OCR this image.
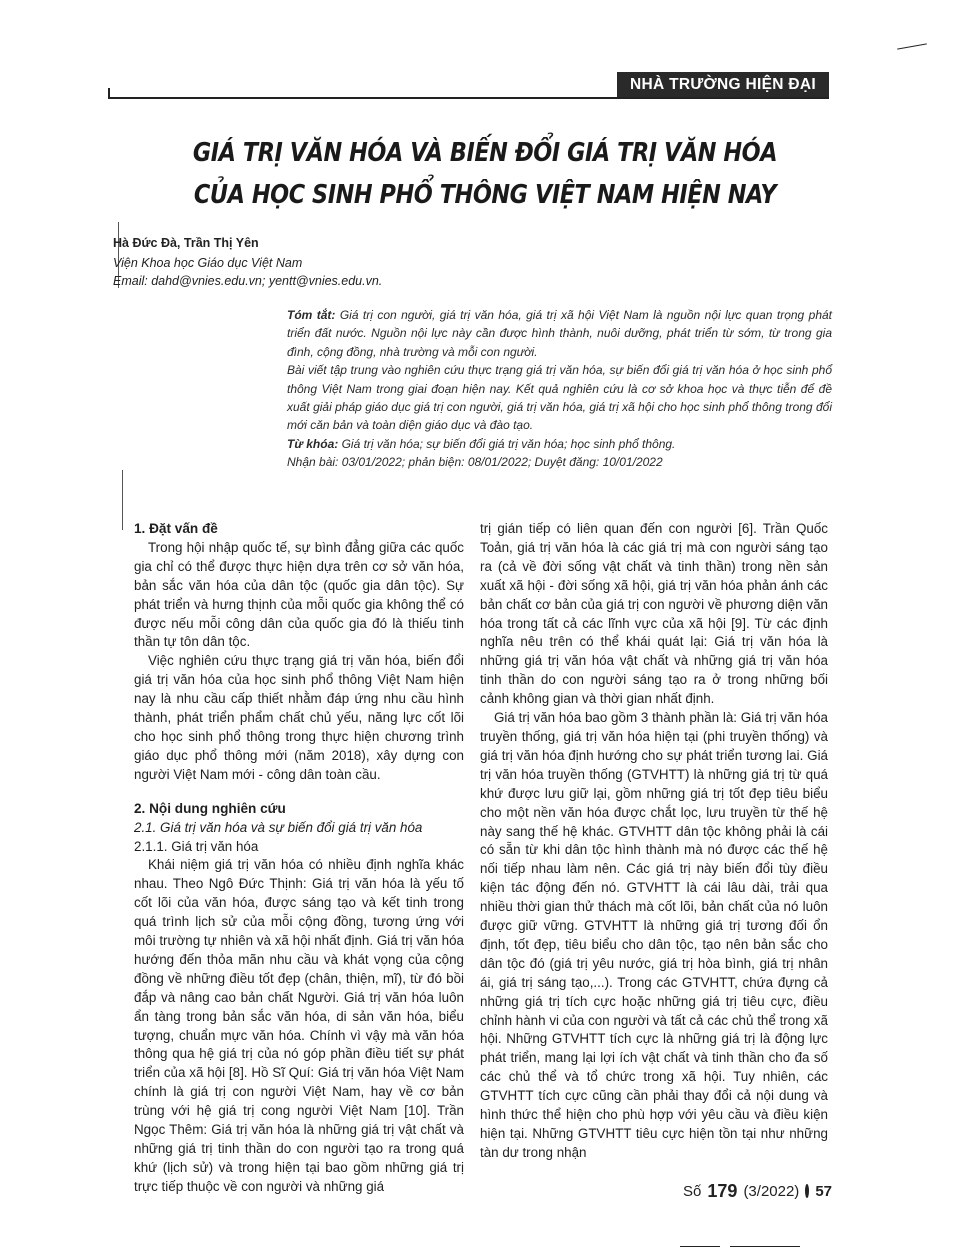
NHÀ TRƯỜNG HIỆN ĐẠI
GIÁ TRỊ VĂN HÓA VÀ BIẾN ĐỔI GIÁ TRỊ VĂN HÓA
CỦA HỌC SINH PHỔ THÔNG VIỆT NAM HIỆN NAY
Hà Đức Đà, Trần Thị Yên
Viện Khoa học Giáo dục Việt Nam
Email: dahd@vnies.edu.vn; yentt@vnies.edu.vn.

Tóm tắt: Giá trị con người, giá trị văn hóa, giá trị xã hội Việt Nam là nguồn nội lực quan trọng phát triển đất nước. Nguồn nội lực này cần được hình thành, nuôi dưỡng, phát triển từ sớm, từ trong gia đình, cộng đồng, nhà trường và mỗi con người.

Bài viết tập trung vào nghiên cứu thực trạng giá trị văn hóa, sự biến đổi giá trị văn hóa ở học sinh phổ thông Việt Nam trong giai đoạn hiện nay. Kết quả nghiên cứu là cơ sở khoa học và thực tiễn để đề xuất giải pháp giáo dục giá trị con người, giá trị văn hóa, giá trị xã hội cho học sinh phổ thông trong đổi mới căn bản và toàn diện giáo dục và đào tạo.

Từ khóa: Giá trị văn hóa; sự biến đổi giá trị văn hóa; học sinh phổ thông.

Nhận bài: 03/01/2022; phản biện: 08/01/2022; Duyệt đăng: 10/01/2022

1. Đặt vấn đề

Trong hội nhập quốc tế, sự bình đẳng giữa các quốc gia chỉ có thể được thực hiện dựa trên cơ sở văn hóa, bản sắc văn hóa của dân tộc (quốc gia dân tộc). Sự phát triển và hưng thịnh của mỗi quốc gia không thể có được nếu mỗi công dân của quốc gia đó là thiếu tinh thần tự tôn dân tộc.

Việc nghiên cứu thực trạng giá trị văn hóa, biến đổi giá trị văn hóa của học sinh phổ thông Việt Nam hiện nay là nhu cầu cấp thiết nhằm đáp ứng nhu cầu hình thành, phát triển phẩm chất chủ yếu, năng lực cốt lõi cho học sinh phổ thông trong thực hiện chương trình giáo dục phổ thông mới (năm 2018), xây dựng con người Việt Nam mới - công dân toàn cầu.

2. Nội dung nghiên cứu

2.1. Giá trị văn hóa và sự biến đổi giá trị văn hóa

2.1.1. Giá trị văn hóa

Khái niệm giá trị văn hóa có nhiều định nghĩa khác nhau. Theo Ngô Đức Thịnh: Giá trị văn hóa là yếu tố cốt lõi của văn hóa, được sáng tạo và kết tinh trong quá trình lịch sử của mỗi cộng đồng, tương ứng với môi trường tự nhiên và xã hội nhất định. Giá trị văn hóa hướng đến thỏa mãn nhu cầu và khát vọng của cộng đồng về những điều tốt đẹp (chân, thiện, mĩ), từ đó bồi đắp và nâng cao bản chất Người. Giá trị văn hóa luôn ẩn tàng trong bản sắc văn hóa, di sản văn hóa, biểu tượng, chuẩn mực văn hóa. Chính vì vậy mà văn hóa thông qua hệ giá trị của nó góp phần điều tiết sự phát triển của xã hội [8]. Hồ Sĩ Quí: Giá trị văn hóa Việt Nam chính là giá trị con người Việt Nam, hay về cơ bản trùng với hệ giá trị cong người Việt Nam [10]. Trần Ngọc Thêm: Giá trị văn hóa là những giá trị vật chất và những giá trị tinh thần do con người tạo ra trong quá khứ (lịch sử) và trong hiện tại bao gồm những giá trị trực tiếp thuộc về con người và những giá

trị gián tiếp có liên quan đến con người [6]. Trần Quốc Toản, giá trị văn hóa là các giá trị mà con người sáng tạo ra (cả về đời sống vật chất và tinh thần) trong nền sản xuất xã hội - đời sống xã hội, giá trị văn hóa phản ánh các bản chất cơ bản của giá trị con người về phương diện văn hóa trong tất cả các lĩnh vực của xã hội [9]. Từ các định nghĩa nêu trên có thể khái quát lại: Giá trị văn hóa là những giá trị văn hóa vật chất và những giá trị văn hóa tinh thần do con người sáng tạo ra ở trong những bối cảnh không gian và thời gian nhất định.

Giá trị văn hóa bao gồm 3 thành phần là: Giá trị văn hóa truyền thống, giá trị văn hóa hiện tại (phi truyền thống) và giá trị văn hóa định hướng cho sự phát triển tương lai. Giá trị văn hóa truyền thống (GTVHTT) là những giá trị từ quá khứ được lưu giữ lại, gồm những giá trị tốt đẹp tiêu biểu cho một nền văn hóa được chắt lọc, lưu truyền từ thế hệ này sang thế hệ khác. GTVHTT dân tộc không phải là cái có sẵn từ khi dân tộc hình thành mà nó được các thế hệ nối tiếp nhau làm nên. Các giá trị này biến đổi tùy điều kiện tác động đến nó. GTVHTT là cái lâu dài, trải qua nhiều thời gian thử thách mà cốt lõi, bản chất của nó luôn được giữ vững. GTVHTT là những giá trị tương đối ổn định, tốt đẹp, tiêu biểu cho dân tộc, tạo nên bản sắc cho dân tộc đó (giá trị yêu nước, giá trị hòa bình, giá trị nhân ái, giá trị sáng tạo,...). Trong các GTVHTT, chứa đựng cả những giá trị tích cực hoặc những giá trị tiêu cực, điều chỉnh hành vi của con người và tất cả các chủ thể trong xã hội. Những GTVHTT tích cực là những giá trị là động lực phát triển, mang lại lợi ích vật chất và tinh thần cho đa số các chủ thể và tổ chức trong xã hội. Tuy nhiên, các GTVHTT tích cực cũng cần phải thay đổi cả nội dung và hình thức thể hiện cho phù hợp với yêu cầu và điều kiện hiện tại. Những GTVHTT tiêu cực hiện tồn tại như những tàn dư trong nhận

Số 179 (3/2022) 57
